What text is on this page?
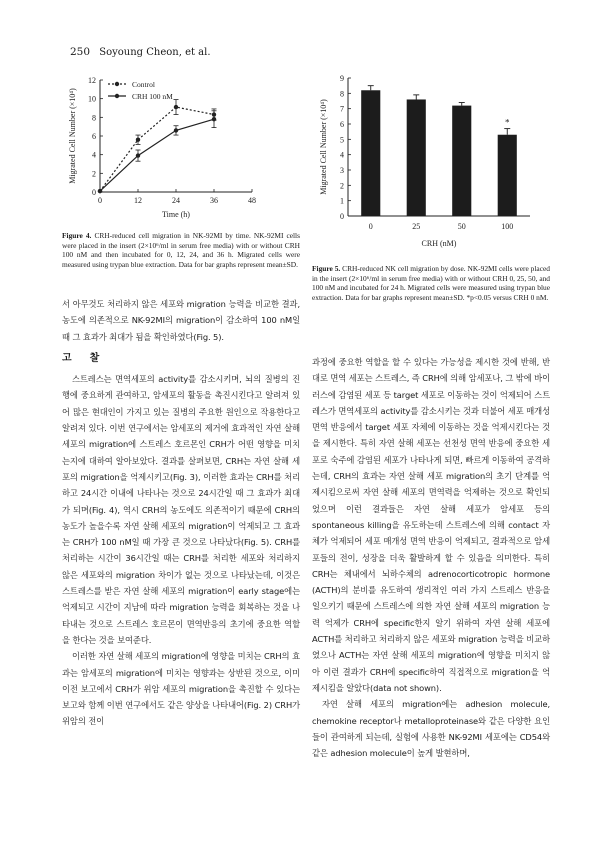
250 Soyoung Cheon, et al.
0
2
4
6
8
10
12
0	12	24	36	48
Time (h)
Migrated Cell Number (×10⁴)
Control
CRH 100 nM
0
1
2
3
4
5
6
7
8
9
Migrated Cell Number (×10⁴)
0	25	50	100
CRH (nM)
*
Figure 4. CRH-reduced cell migration in NK-92MI by time. NK-92MI cells were placed in the insert (2×10⁶/ml in serum free media) with or without CRH 100 nM and then incubated for 0, 12, 24, and 36 h. Migrated cells were measured using trypan blue extraction. Data for bar graphs represent mean±SD. Figure 5. CRH-reduced NK cell migration by dose. NK-92MI cells were placed in the insert (2×10⁶/ml in serum free media) with or without CRH 0, 25, 50, and 100 nM and incubated for 24 h. Migrated cells were measured using trypan blue extraction. Data for bar graphs represent mean±SD. *p<0.05 versus CRH 0 nM.
서 아무것도 처리하지 않은 세포와 migration 능력을 비교한 결과, 농도에 의존적으로 NK-92MI의 migration이 감소하여 100 nM일 때 그 효과가 최대가 됨을 확인하였다(Fig. 5).
고찰
스트레스는 면역세포의 activity를 감소시키며, 뇌의 질병의 진행에 중요하게 관여하고, 암세포의 활동을 촉진시킨다고 알려져 있어 많은 현대인이 가지고 있는 질병의 주요한 원인으로 작용한다고 알려져 있다. 이번 연구에서는 암세포의 제거에 효과적인 자연 살해 세포의 migration에 스트레스 호르몬인 CRH가 어떤 영향을 미치는지에 대하여 알아보았다. 결과를 살펴보면, CRH는 자연 살해 세포의 migration을 억제시키고(Fig. 3), 이러한 효과는 CRH를 처리하고 24시간 이내에 나타나는 것으로 24시간일 때 그 효과가 최대가 되며(Fig. 4), 역시 CRH의 농도에도 의존적이기 때문에 CRH의 농도가 높을수록 자연 살해 세포의 migration이 억제되고 그 효과는 CRH가 100 nM일 때 가장 큰 것으로 나타났다(Fig. 5). CRH를 처리하는 시간이 36시간일 때는 CRH를 처리한 세포와 처리하지 않은 세포와의 migration 차이가 없는 것으로 나타났는데, 이것은 스트레스를 받은 자연 살해 세포의 migration이 early stage에는 억제되고 시간이 지남에 따라 migration 능력을 회복하는 것을 나타내는 것으로 스트레스 호르몬이 면역반응의 초기에 중요한 역할을 한다는 것을 보여준다.
이러한 자연 살해 세포의 migration에 영향을 미치는 CRH의 효과는 암세포의 migration에 미치는 영향과는 상반된 것으로, 이미 이전 보고에서 CRH가 위암 세포의 migration을 촉진할 수 있다는 보고와 함께 이번 연구에서도 같은 양상을 나타내어(Fig. 2) CRH가 위암의 전이
과정에 중요한 역할을 할 수 있다는 가능성을 제시한 것에 반해, 반대로 면역 세포는 스트레스, 즉 CRH에 의해 암세포나, 그 밖에 바이러스에 감염된 세포 등 target 세포로 이동하는 것이 억제되어 스트레스가 면역세포의 activity를 감소시키는 것과 더불어 세포 매개성 면역 반응에서 target 세포 자체에 이동하는 것을 억제시킨다는 것을 제시한다. 특히 자연 살해 세포는 선천성 면역 반응에 중요한 세포로 숙주에 감염된 세포가 나타나게 되면, 빠르게 이동하여 공격하는데, CRH의 효과는 자연 살해 세포 migration의 초기 단계를 억제시킴으로써 자연 살해 세포의 면역력을 억제하는 것으로 확인되었으며 이런 결과들은 자연 살해 세포가 암세포 등의 spontaneous killing을 유도하는데 스트레스에 의해 contact 자체가 억제되어 세포 매개성 면역 반응이 억제되고, 결과적으로 암세포들의 전이, 성장을 더욱 활발하게 할 수 있음을 의미한다. 특히 CRH는 체내에서 뇌하수체의 adrenocorticotropic hormone (ACTH)의 분비를 유도하여 생리적인 여러 가지 스트레스 반응을 일으키기 때문에 스트레스에 의한 자연 살해 세포의 migration 능력 억제가 CRH에 specific한지 알기 위하여 자연 살해 세포에 ACTH를 처리하고 처리하지 않은 세포와 migration 능력을 비교하였으나 ACTH는 자연 살해 세포의 migration에 영향을 미치지 않아 이런 결과가 CRH에 specific하여 직접적으로 migration을 억제시킴을 알았다(data not shown).
자연 살해 세포의 migration에는 adhesion molecule, chemokine receptor나 metalloproteinase와 같은 다양한 요인들이 관여하게 되는데, 실험에 사용한 NK-92MI 세포에는 CD54와 같은 adhesion molecule이 높게 발현하며,
